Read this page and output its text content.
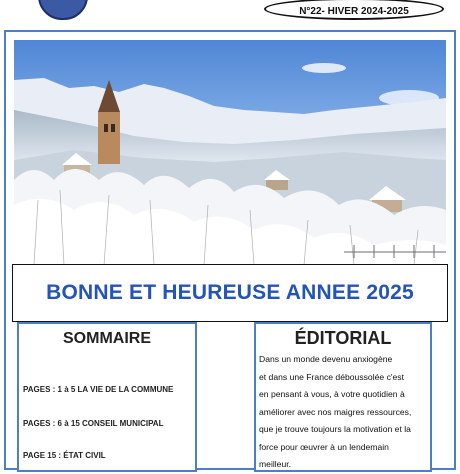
N°22- HIVER 2024-2025
BONNE ET HEUREUSE ANNEE 2025
SOMMAIRE
PAGES : 1 à 5 LA VIE DE LA COMMUNE
PAGES : 6 à 15 CONSEIL MUNICIPAL
PAGE 15 : ÉTAT CIVIL
ÉDITORIAL
Dans un monde devenu anxiogène
et dans une France déboussolée c'est
en pensant à vous, à votre quotidien à
améliorer avec nos maigres ressources,
que je trouve toujours la motivation et la
force pour œuvrer à un lendemain
meilleur.
